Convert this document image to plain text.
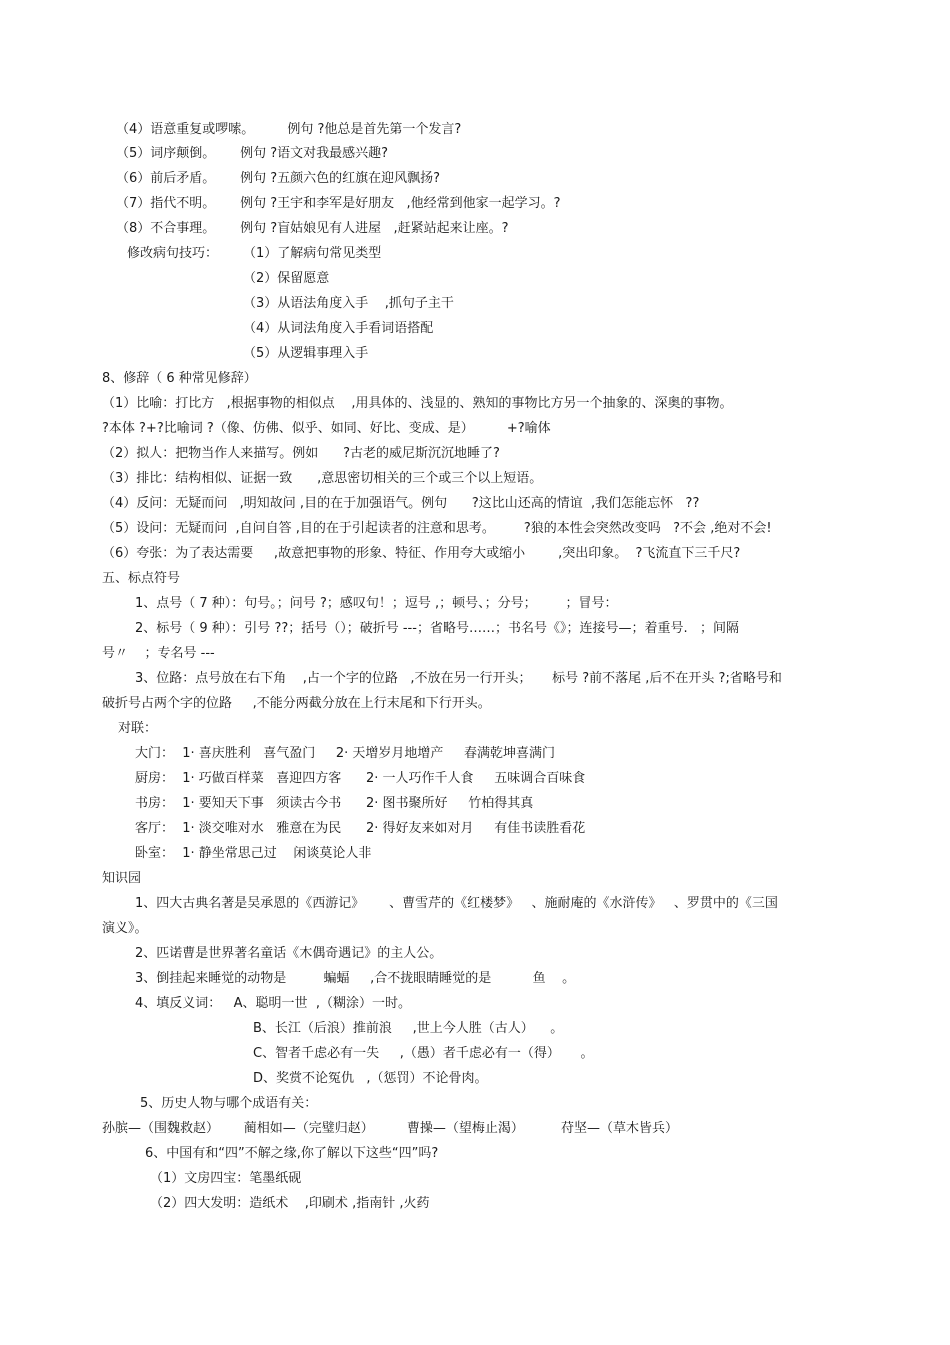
（4）语意重复或啰嗦。        例句 ?他总是首先第一个发言?
（5）词序颠倒。      例句 ?语文对我最感兴趣?
（6）前后矛盾。      例句 ?五颜六色的红旗在迎风飘扬?
（7）指代不明。      例句 ?王宇和李军是好朋友   ,他经常到他家一起学习。?
（8）不合事理。      例句 ?盲姑娘见有人进屋   ,赶紧站起来让座。?
修改病句技巧： （1）了解病句常见类型
（2）保留愿意
（3）从语法角度入手    ,抓句子主干
（4）从词法角度入手看词语搭配
（5）从逻辑事理入手
8、修辞（ 6 种常见修辞）
（1）比喻：打比方   ,根据事物的相似点    ,用具体的、浅显的、熟知的事物比方另一个抽象的、深奥的事物。
?本体 ?+?比喻词 ?（像、仿佛、似乎、如同、好比、变成、是）        +?喻体
（2）拟人：把物当作人来描写。例如      ?古老的威尼斯沉沉地睡了?
（3）排比：结构相似、证据一致      ,意思密切相关的三个或三个以上短语。
（4）反问：无疑而问   ,明知故问 ,目的在于加强语气。例句      ?这比山还高的情谊  ,我们怎能忘怀   ??
（5）设问：无疑而问  ,自问自答 ,目的在于引起读者的注意和思考。       ?狼的本性会突然改变吗   ?不会 ,绝对不会!
（6）夸张：为了表达需要     ,故意把事物的形象、特征、作用夸大或缩小        ,突出印象。  ?飞流直下三千尺?
五、标点符号
1、点号（ 7 种）：句号。；问号 ?；感叹句！；逗号 ,；顿号、；分号；       ；冒号：
2、标号（ 9 种）：引号 ??；括号（）；破折号 ---；省略号……；书名号《》；连接号—；着重号.   ；间隔
号〃    ；专名号 ---
3、位路：点号放在右下角    ,占一个字的位路   ,不放在另一行开头；     标号 ?前不落尾 ,后不在开头 ?;省略号和
破折号占两个字的位路     ,不能分两截分放在上行末尾和下行开头。
对联：
大门：  1· 喜庆胜利   喜气盈门     2· 天增岁月地增产     春满乾坤喜满门
厨房：  1· 巧做百样菜   喜迎四方客      2· 一人巧作千人食     五味调合百味食
书房：  1· 要知天下事   须读古今书      2· 图书聚所好     竹柏得其真
客厅：  1· 淡交唯对水   雅意在为民      2· 得好友来如对月     有佳书读胜看花
卧室：  1· 静坐常思己过    闲谈莫论人非
知识园
1、四大古典名著是吴承恩的《西游记》      、曹雪芹的《红楼梦》   、施耐庵的《水浒传》   、罗贯中的《三国
演义》。
2、匹诺曹是世界著名童话《木偶奇遇记》的主人公。
3、倒挂起来睡觉的动物是         蝙蝠     ,合不拢眼睛睡觉的是          鱼    。
4、填反义词：   A、聪明一世  ,（糊涂）一时。
B、长江（后浪）推前浪     ,世上今人胜（古人）    。
C、智者千虑必有一失     ,（愚）者千虑必有一（得）     。
D、奖赏不论冤仇   ,（惩罚）不论骨肉。
5、历史人物与哪个成语有关：
孙膑—（围魏救赵）      蔺相如—（完璧归赵）        曹操—（望梅止渴）         苻坚—（草木皆兵）
6、中国有和“四”不解之缘,你了解以下这些“四”吗?
（1）文房四宝：笔墨纸砚
（2）四大发明：造纸术    ,印刷术 ,指南针 ,火药
